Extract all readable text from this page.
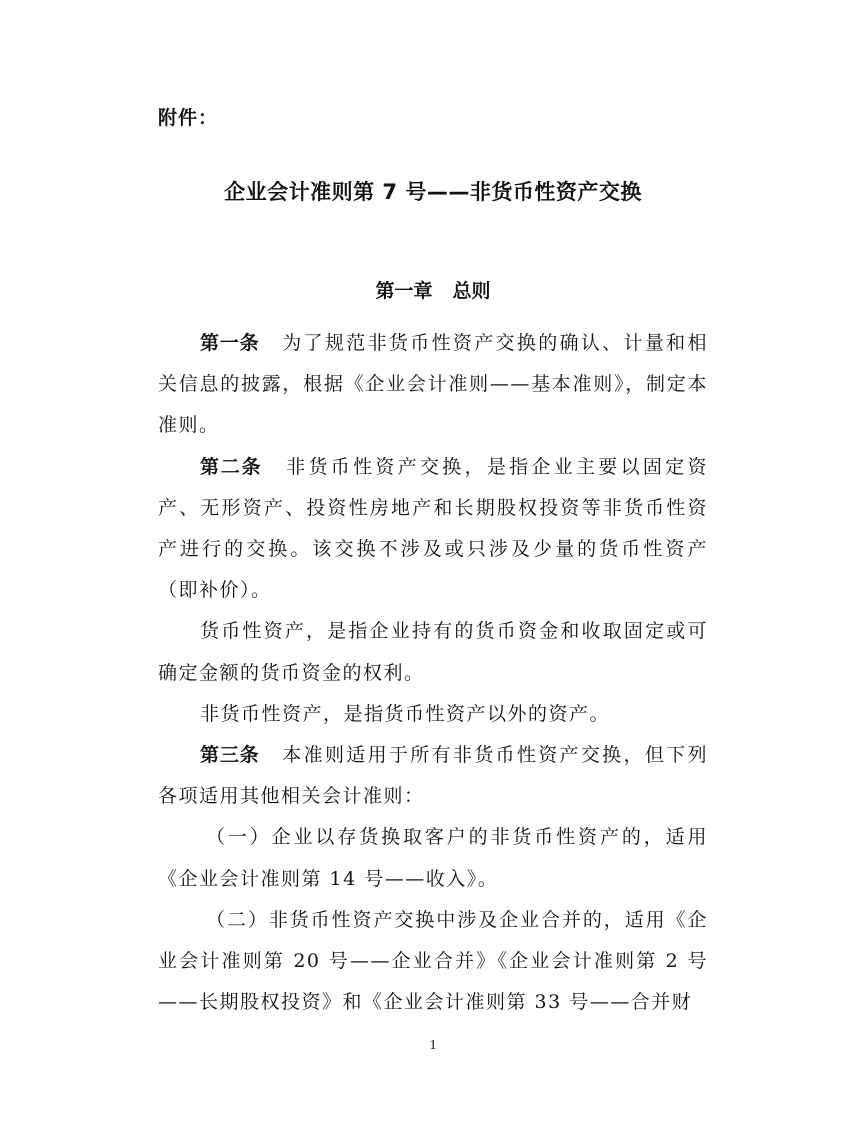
附件：
企业会计准则第 7 号——非货币性资产交换
第一章 总则

第一条 为了规范非货币性资产交换的确认、计量和相关信息的披露，根据《企业会计准则——基本准则》，制定本准则。

第二条 非货币性资产交换，是指企业主要以固定资产、无形资产、投资性房地产和长期股权投资等非货币性资产进行的交换。该交换不涉及或只涉及少量的货币性资产（即补价）。

货币性资产，是指企业持有的货币资金和收取固定或可确定金额的货币资金的权利。

非货币性资产，是指货币性资产以外的资产。

第三条 本准则适用于所有非货币性资产交换，但下列各项适用其他相关会计准则：

（一）企业以存货换取客户的非货币性资产的，适用《企业会计准则第 14 号——收入》。

（二）非货币性资产交换中涉及企业合并的，适用《企业会计准则第 20 号——企业合并》《企业会计准则第 2 号——长期股权投资》和《企业会计准则第 33 号——合并财

1
